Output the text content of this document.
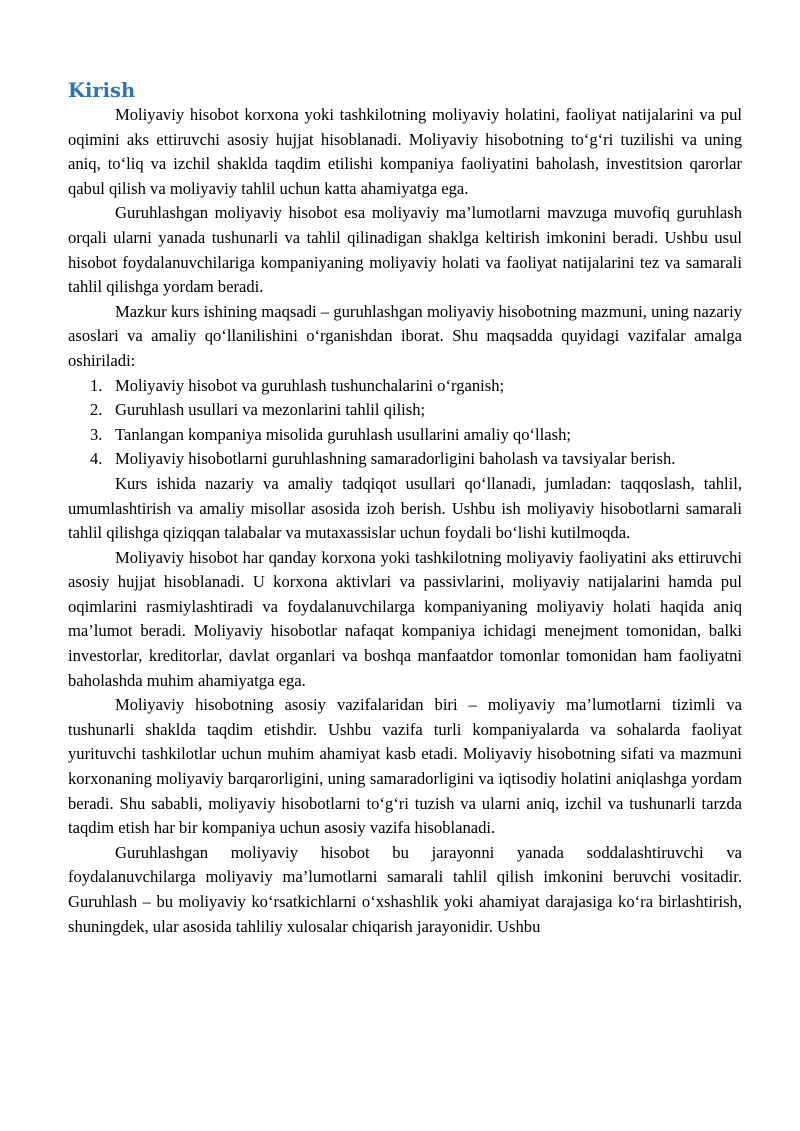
Kirish

Moliyaviy hisobot korxona yoki tashkilotning moliyaviy holatini, faoliyat natijalarini va pul oqimini aks ettiruvchi asosiy hujjat hisoblanadi. Moliyaviy hisobotning to‘g‘ri tuzilishi va uning aniq, to‘liq va izchil shaklda taqdim etilishi kompaniya faoliyatini baholash, investitsion qarorlar qabul qilish va moliyaviy tahlil uchun katta ahamiyatga ega.

Guruhlashgan moliyaviy hisobot esa moliyaviy ma’lumotlarni mavzuga muvofiq guruhlash orqali ularni yanada tushunarli va tahlil qilinadigan shaklga keltirish imkonini beradi. Ushbu usul hisobot foydalanuvchilariga kompaniyaning moliyaviy holati va faoliyat natijalarini tez va samarali tahlil qilishga yordam beradi.

Mazkur kurs ishining maqsadi – guruhlashgan moliyaviy hisobotning mazmuni, uning nazariy asoslari va amaliy qo‘llanilishini o‘rganishdan iborat. Shu maqsadda quyidagi vazifalar amalga oshiriladi:

1. Moliyaviy hisobot va guruhlash tushunchalarini o‘rganish;
2. Guruhlash usullari va mezonlarini tahlil qilish;
3. Tanlangan kompaniya misolida guruhlash usullarini amaliy qo‘llash;
4. Moliyaviy hisobotlarni guruhlashning samaradorligini baholash va tavsiyalar berish.

Kurs ishida nazariy va amaliy tadqiqot usullari qo‘llanadi, jumladan: taqqoslash, tahlil, umumlashtirish va amaliy misollar asosida izoh berish. Ushbu ish moliyaviy hisobotlarni samarali tahlil qilishga qiziqqan talabalar va mutaxassislar uchun foydali bo‘lishi kutilmoqda.

Moliyaviy hisobot har qanday korxona yoki tashkilotning moliyaviy faoliyatini aks ettiruvchi asosiy hujjat hisoblanadi. U korxona aktivlari va passivlarini, moliyaviy natijalarini hamda pul oqimlarini rasmiylashtiradi va foydalanuvchilarga kompaniyaning moliyaviy holati haqida aniq ma’lumot beradi. Moliyaviy hisobotlar nafaqat kompaniya ichidagi menejment tomonidan, balki investorlar, kreditorlar, davlat organlari va boshqa manfaatdor tomonlar tomonidan ham faoliyatni baholashda muhim ahamiyatga ega.

Moliyaviy hisobotning asosiy vazifalaridan biri – moliyaviy ma’lumotlarni tizimli va tushunarli shaklda taqdim etishdir. Ushbu vazifa turli kompaniyalarda va sohalarda faoliyat yurituvchi tashkilotlar uchun muhim ahamiyat kasb etadi. Moliyaviy hisobotning sifati va mazmuni korxonaning moliyaviy barqarorligini, uning samaradorligini va iqtisodiy holatini aniqlashga yordam beradi. Shu sababli, moliyaviy hisobotlarni to‘g‘ri tuzish va ularni aniq, izchil va tushunarli tarzda taqdim etish har bir kompaniya uchun asosiy vazifa hisoblanadi.

Guruhlashgan moliyaviy hisobot bu jarayonni yanada soddalashtiruvchi va foydalanuvchilarga moliyaviy ma’lumotlarni samarali tahlil qilish imkonini beruvchi vositadir. Guruhlash – bu moliyaviy ko‘rsatkichlarni o‘xshashlik yoki ahamiyat darajasiga ko‘ra birlashtirish, shuningdek, ular asosida tahliliy xulosalar chiqarish jarayonidir. Ushbu
